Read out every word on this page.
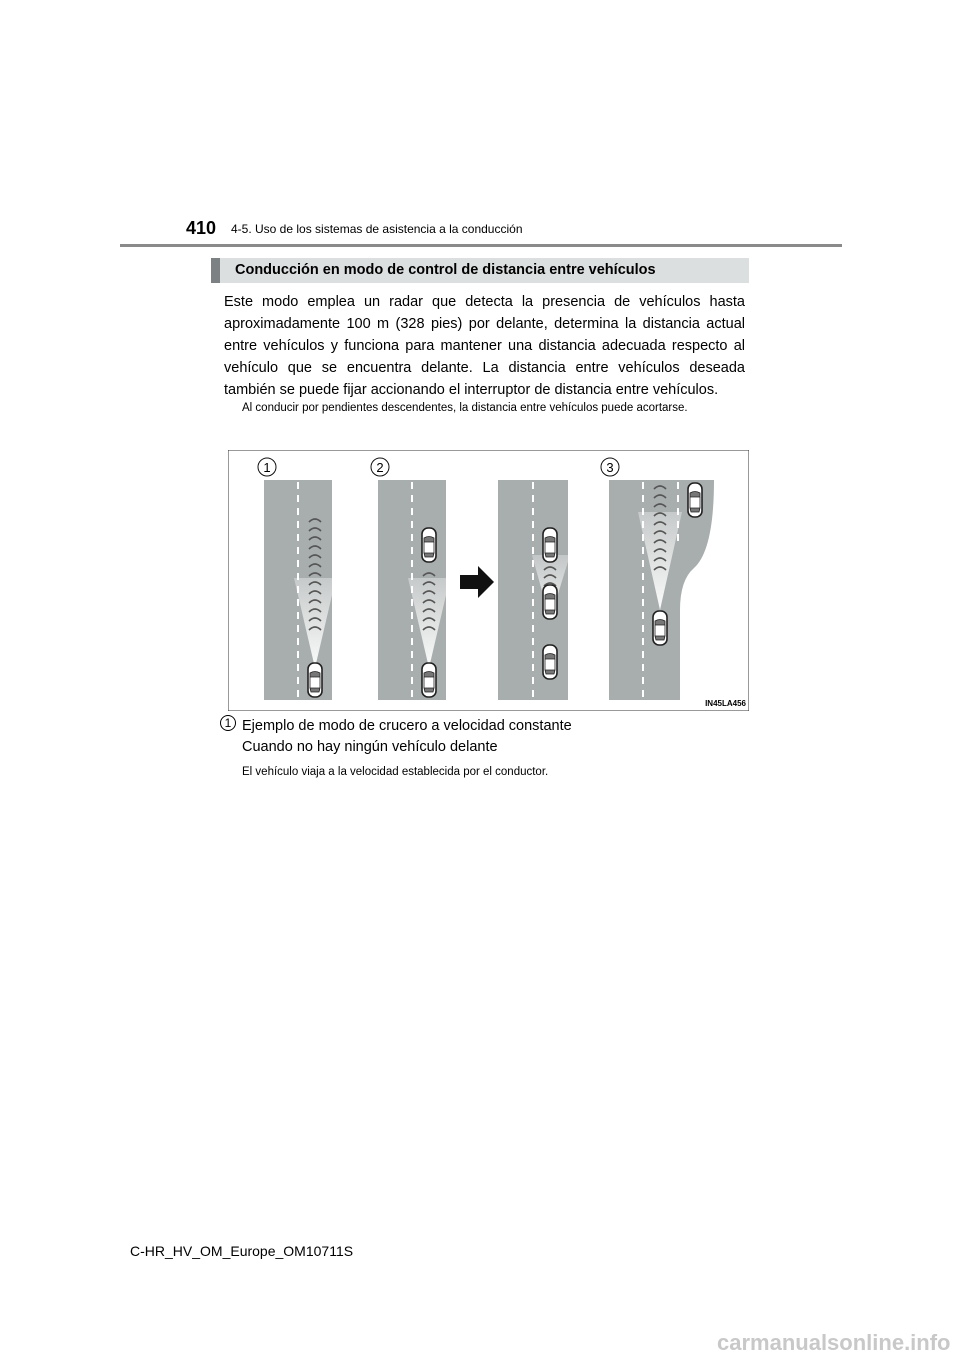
410 4-5. Uso de los sistemas de asistencia a la conducción
Conducción en modo de control de distancia entre vehículos
Este modo emplea un radar que detecta la presencia de vehículos hasta aproximadamente 100 m (328 pies) por delante, determina la distancia actual entre vehículos y funciona para mantener una distancia adecuada respecto al vehículo que se encuentra delante. La distancia entre vehículos deseada también se puede fijar accionando el interruptor de distancia entre vehículos.
Al conducir por pendientes descendentes, la distancia entre vehículos puede acortarse.
1	2	3
IN45LA456
1 Ejemplo de modo de crucero a velocidad constante
Cuando no hay ningún vehículo delante
El vehículo viaja a la velocidad establecida por el conductor.
C-HR_HV_OM_Europe_OM10711S
carmanualsonline.info
